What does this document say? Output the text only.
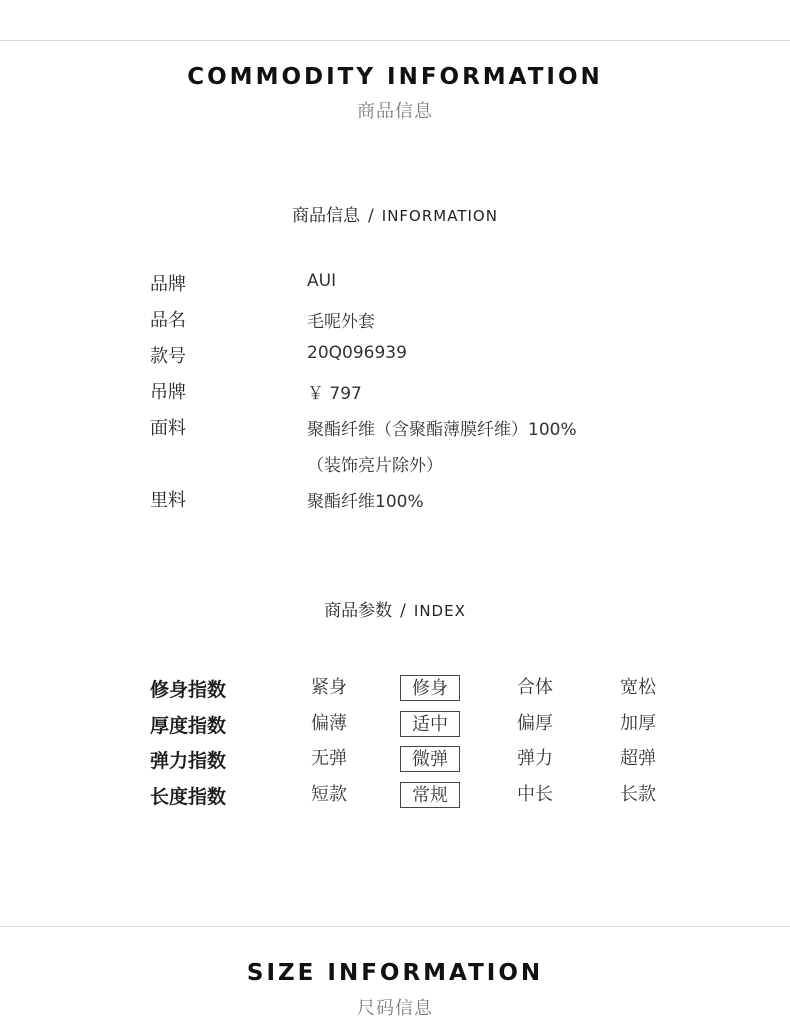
COMMODITY INFORMATION
商品信息
商品信息 / INFORMATION
品牌	AUI
品名	毛呢外套
款号	20Q096939
吊牌	￥ 797
面料	聚酯纤维（含聚酯薄膜纤维）100%
（装饰亮片除外）
里料	聚酯纤维100%
商品参数 / INDEX
修身指数	紧身	修身	合体	宽松
厚度指数	偏薄	适中	偏厚	加厚
弹力指数	无弹	微弹	弹力	超弹
长度指数	短款	常规	中长	长款
SIZE INFORMATION
尺码信息
